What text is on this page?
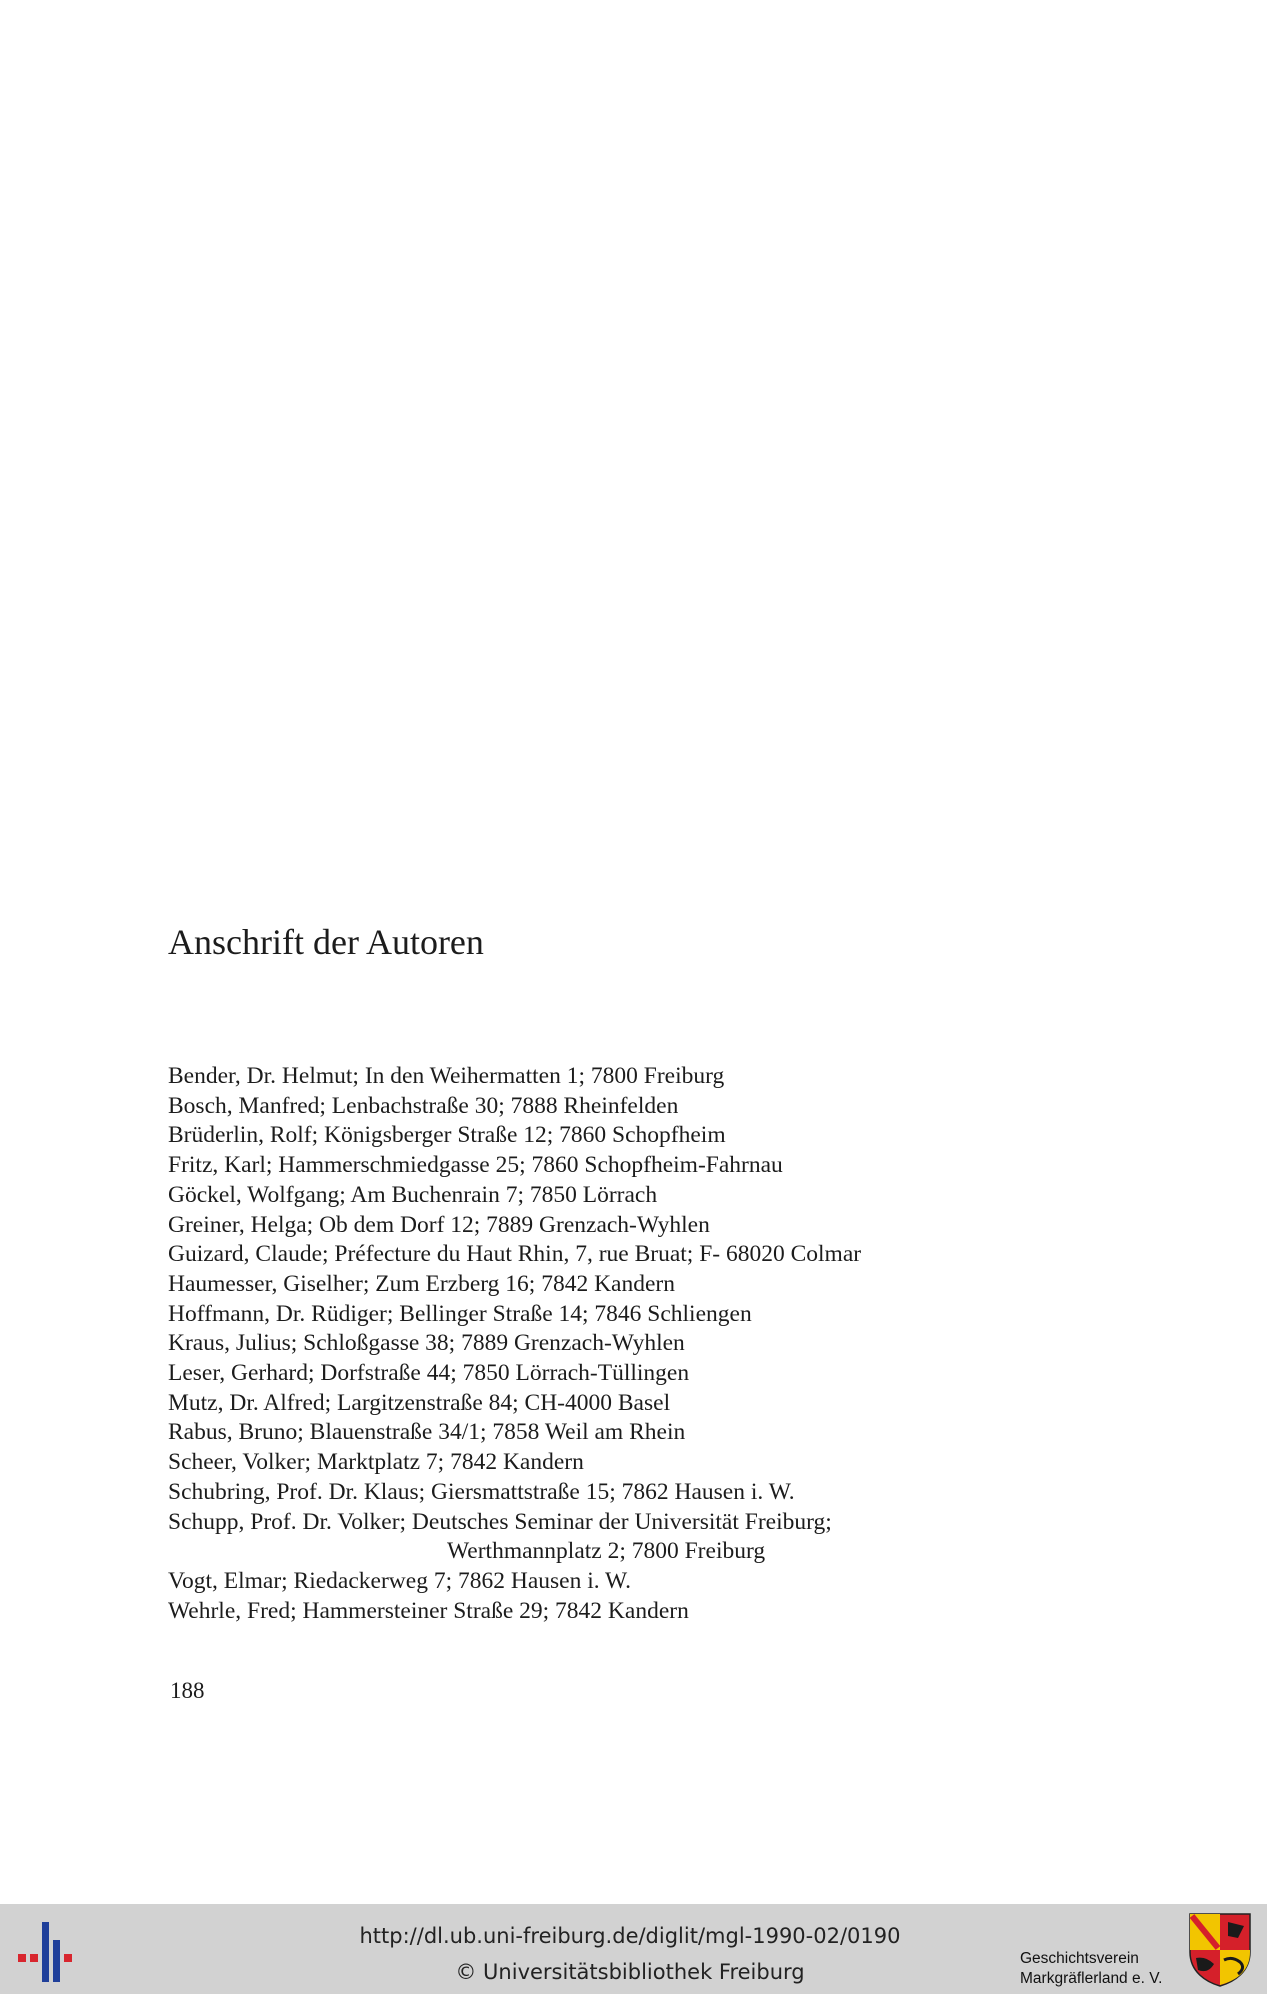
Anschrift der Autoren
Bender, Dr. Helmut; In den Weihermatten 1; 7800 Freiburg
Bosch, Manfred; Lenbachstraße 30; 7888 Rheinfelden
Brüderlin, Rolf; Königsberger Straße 12; 7860 Schopfheim
Fritz, Karl; Hammerschmiedgasse 25; 7860 Schopfheim-Fahrnau
Göckel, Wolfgang; Am Buchenrain 7; 7850 Lörrach
Greiner, Helga; Ob dem Dorf 12; 7889 Grenzach-Wyhlen
Guizard, Claude; Préfecture du Haut Rhin, 7, rue Bruat; F- 68020 Colmar
Haumesser, Giselher; Zum Erzberg 16; 7842 Kandern
Hoffmann, Dr. Rüdiger; Bellinger Straße 14; 7846 Schliengen
Kraus, Julius; Schloßgasse 38; 7889 Grenzach-Wyhlen
Leser, Gerhard; Dorfstraße 44; 7850 Lörrach-Tüllingen
Mutz, Dr. Alfred; Largitzenstraße 84; CH-4000 Basel
Rabus, Bruno; Blauenstraße 34/1; 7858 Weil am Rhein
Scheer, Volker; Marktplatz 7; 7842 Kandern
Schubring, Prof. Dr. Klaus; Giersmattstraße 15; 7862 Hausen i. W.
Schupp, Prof. Dr. Volker; Deutsches Seminar der Universität Freiburg;
Werthmannplatz 2; 7800 Freiburg
Vogt, Elmar; Riedackerweg 7; 7862 Hausen i. W.
Wehrle, Fred; Hammersteiner Straße 29; 7842 Kandern
188
http://dl.ub.uni-freiburg.de/diglit/mgl-1990-02/0190
© Universitätsbibliothek Freiburg
Geschichtsverein
Markgräflerland e. V.
